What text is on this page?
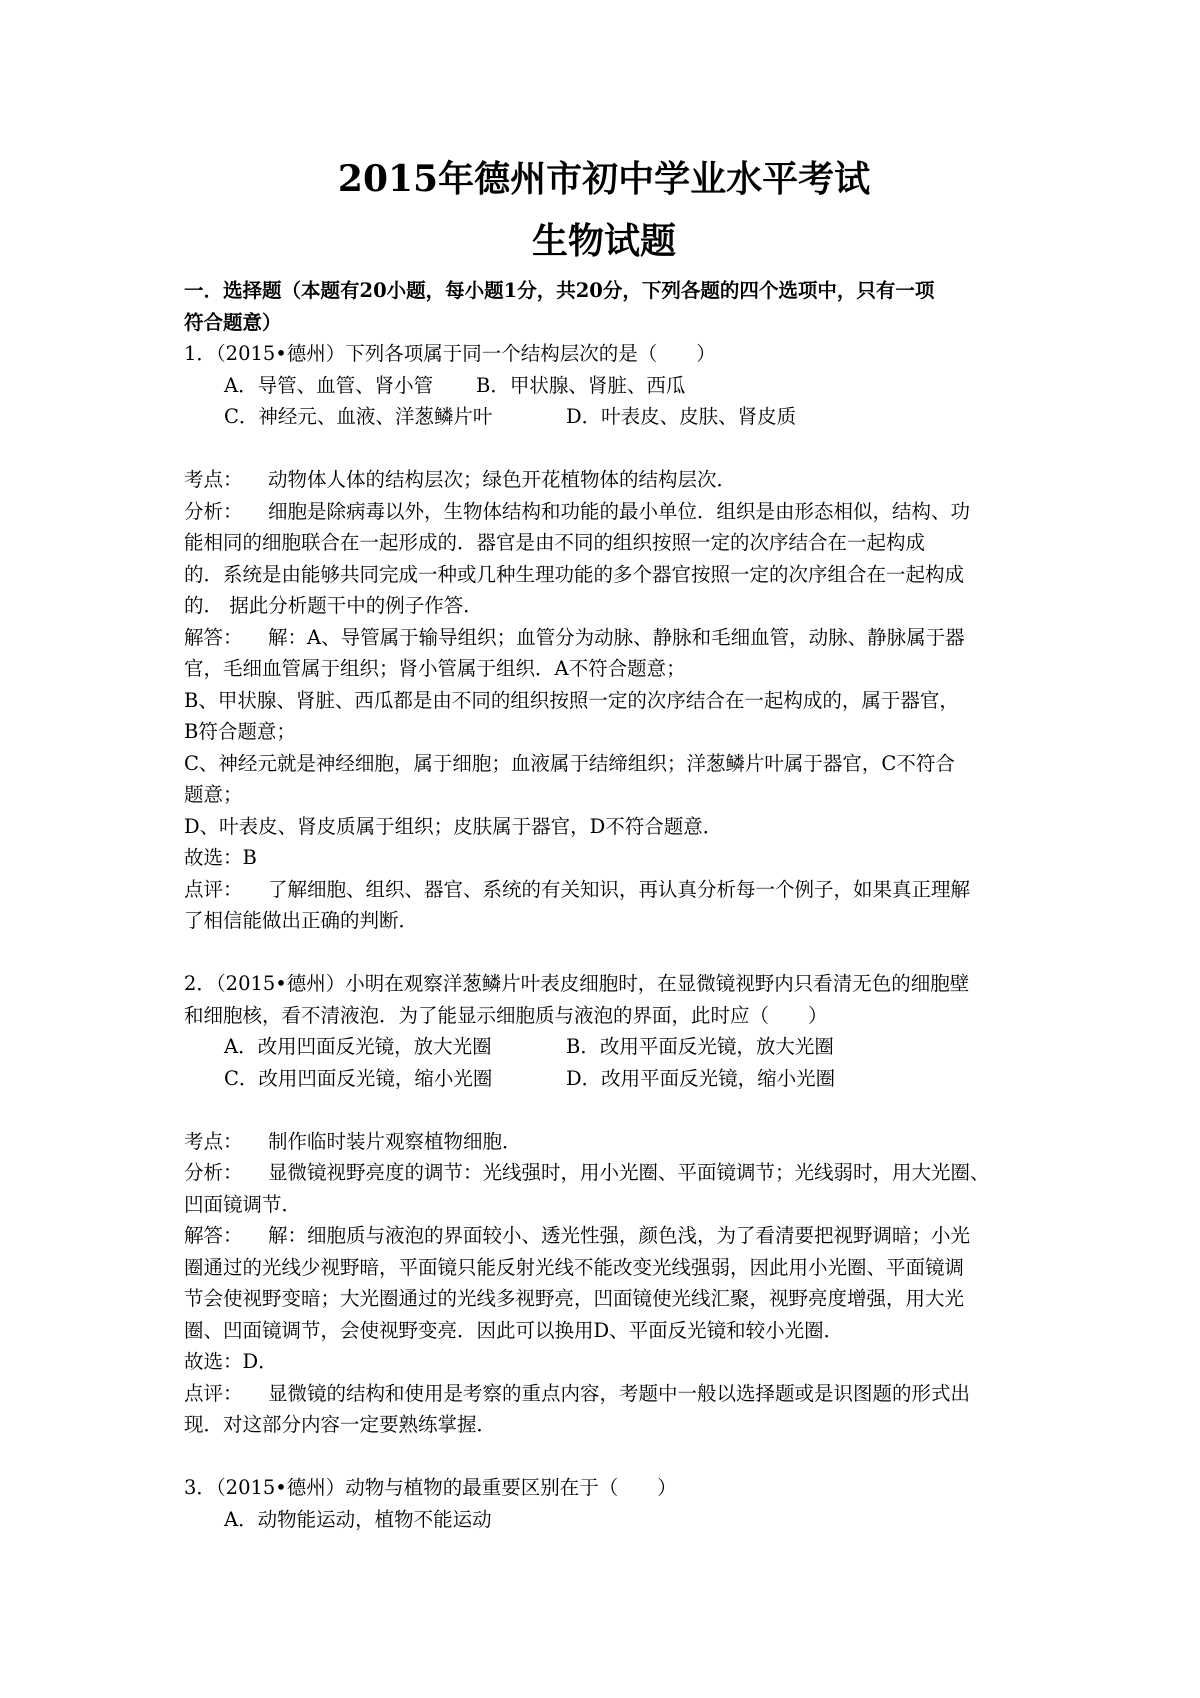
2015年德州市初中学业水平考试
生物试题
一．选择题（本题有20小题，每小题1分，共20分，下列各题的四个选项中，只有一项
符合题意）
1．（2015•德州）下列各项属于同一个结构层次的是（　　）
A．导管、血管、肾小管 B．甲状腺、肾脏、西瓜
C．神经元、血液、洋葱鳞片叶	D．叶表皮、皮肤、肾皮质
考点： 动物体人体的结构层次；绿色开花植物体的结构层次．
分析： 细胞是除病毒以外，生物体结构和功能的最小单位．组织是由形态相似，结构、功
能相同的细胞联合在一起形成的．器官是由不同的组织按照一定的次序结合在一起构成
的．系统是由能够共同完成一种或几种生理功能的多个器官按照一定的次序组合在一起构成
的． 据此分析题干中的例子作答．
解答： 解：A、导管属于输导组织；血管分为动脉、静脉和毛细血管，动脉、静脉属于器
官，毛细血管属于组织；肾小管属于组织．A不符合题意；
B、甲状腺、肾脏、西瓜都是由不同的组织按照一定的次序结合在一起构成的，属于器官，
B符合题意；
C、神经元就是神经细胞，属于细胞；血液属于结缔组织；洋葱鳞片叶属于器官，C不符合
题意；
D、叶表皮、肾皮质属于组织；皮肤属于器官，D不符合题意．
故选：B
点评： 了解细胞、组织、器官、系统的有关知识，再认真分析每一个例子，如果真正理解
了相信能做出正确的判断．
2．（2015•德州）小明在观察洋葱鳞片叶表皮细胞时，在显微镜视野内只看清无色的细胞壁
和细胞核，看不清液泡．为了能显示细胞质与液泡的界面，此时应（　　）
A．改用凹面反光镜，放大光圈	B．改用平面反光镜，放大光圈
C．改用凹面反光镜，缩小光圈	D．改用平面反光镜，缩小光圈
考点： 制作临时装片观察植物细胞．
分析： 显微镜视野亮度的调节：光线强时，用小光圈、平面镜调节；光线弱时，用大光圈、
凹面镜调节．
解答： 解：细胞质与液泡的界面较小、透光性强，颜色浅，为了看清要把视野调暗；小光
圈通过的光线少视野暗，平面镜只能反射光线不能改变光线强弱，因此用小光圈、平面镜调
节会使视野变暗；大光圈通过的光线多视野亮，凹面镜使光线汇聚，视野亮度增强，用大光
圈、凹面镜调节，会使视野变亮．因此可以换用D、平面反光镜和较小光圈．
故选：D．
点评： 显微镜的结构和使用是考察的重点内容，考题中一般以选择题或是识图题的形式出
现．对这部分内容一定要熟练掌握．
3．（2015•德州）动物与植物的最重要区别在于（　　）
A．动物能运动，植物不能运动
